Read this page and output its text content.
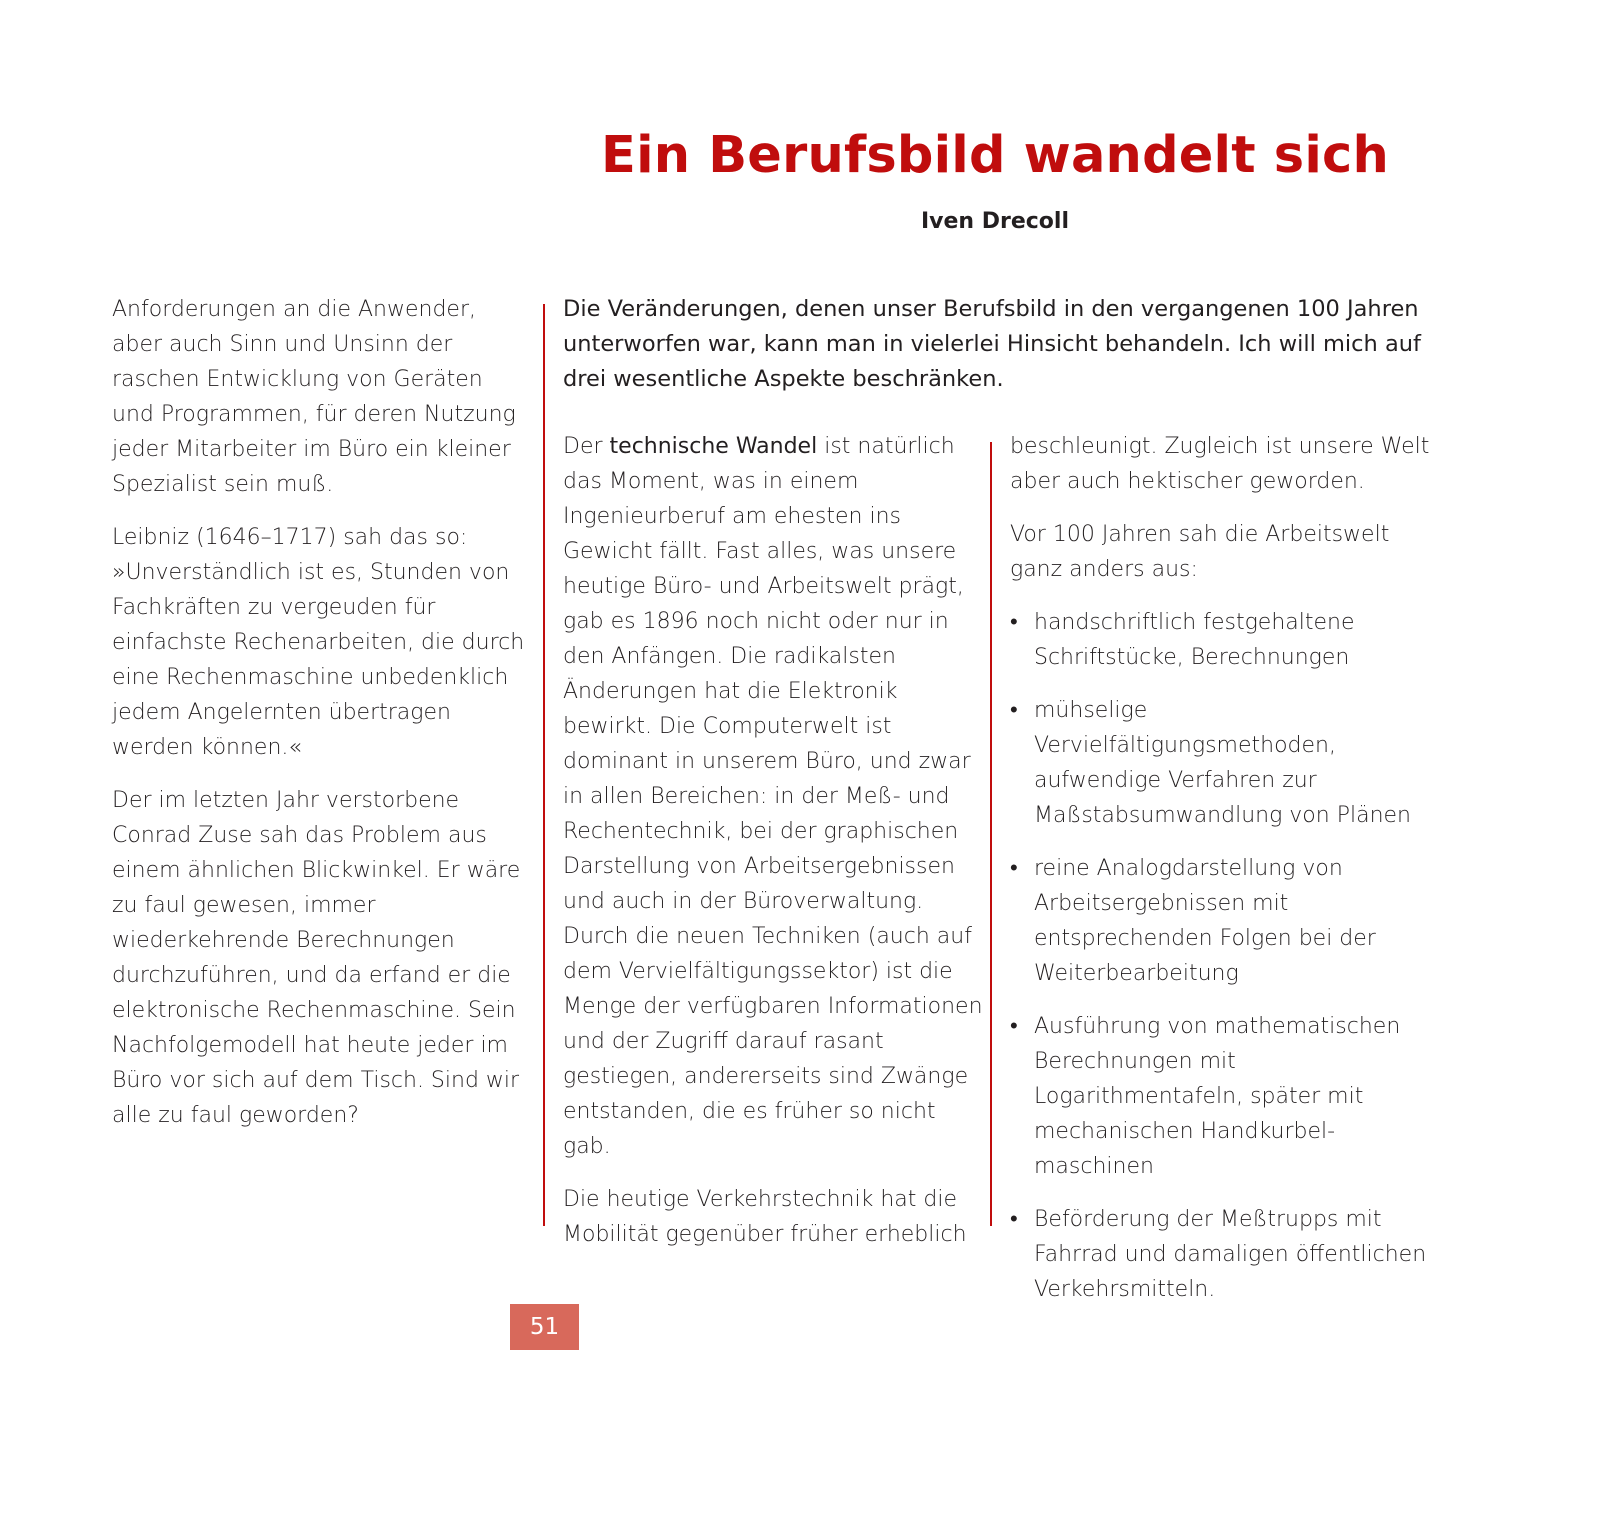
Ein Berufsbild wandelt sich
Iven Drecoll

Anforderungen an die Anwender, aber auch Sinn und Unsinn der raschen Entwicklung von Geräten und Programmen, für deren Nutzung jeder Mitarbeiter im Büro ein kleiner Spezialist sein muß.

Leibniz (1646–1717) sah das so: »Unverständlich ist es, Stunden von Fachkräften zu vergeuden für einfachste Rechenarbeiten, die durch eine Rechenmaschine unbedenklich jedem Angelernten übertragen werden können.«

Der im letzten Jahr verstorbene Conrad Zuse sah das Problem aus einem ähnlichen Blickwinkel. Er wäre zu faul gewesen, immer wiederkehrende Berechnungen durchzuführen, und da erfand er die elektronische Rechenmaschine. Sein Nachfolgemodell hat heute jeder im Büro vor sich auf dem Tisch. Sind wir alle zu faul geworden?

Die Veränderungen, denen unser Berufsbild in den vergangenen 100 Jahren unterworfen war, kann man in vielerlei Hinsicht behandeln. Ich will mich auf drei wesentliche Aspekte beschränken.

Der technische Wandel ist natürlich das Moment, was in einem Ingenieurberuf am ehesten ins Gewicht fällt. Fast alles, was unsere heutige Büro- und Arbeitswelt prägt, gab es 1896 noch nicht oder nur in den Anfängen. Die radikalsten Änderungen hat die Elektronik bewirkt. Die Computerwelt ist dominant in unserem Büro, und zwar in allen Bereichen: in der Meß- und Rechentechnik, bei der graphischen Darstellung von Arbeitsergebnissen und auch in der Büroverwaltung. Durch die neuen Techniken (auch auf dem Vervielfältigungssektor) ist die Menge der verfügbaren Informationen und der Zugriff darauf rasant gestiegen, andererseits sind Zwänge entstanden, die es früher so nicht gab.

Die heutige Verkehrstechnik hat die Mobilität gegenüber früher erheblich

beschleunigt. Zugleich ist unsere Welt aber auch hektischer geworden.

Vor 100 Jahren sah die Arbeitswelt ganz anders aus:

• handschriftlich festgehaltene Schriftstücke, Berechnungen
• mühselige Vervielfältigungsmethoden, aufwendige Verfahren zur Maßstabsumwandlung von Plänen
• reine Analogdarstellung von Arbeitsergebnissen mit entsprechenden Folgen bei der Weiterbearbeitung
• Ausführung von mathematischen Berechnungen mit Logarithmentafeln, später mit mechanischen Handkurbelmaschinen
• Beförderung der Meßtrupps mit Fahrrad und damaligen öffentlichen Verkehrsmitteln.
51
